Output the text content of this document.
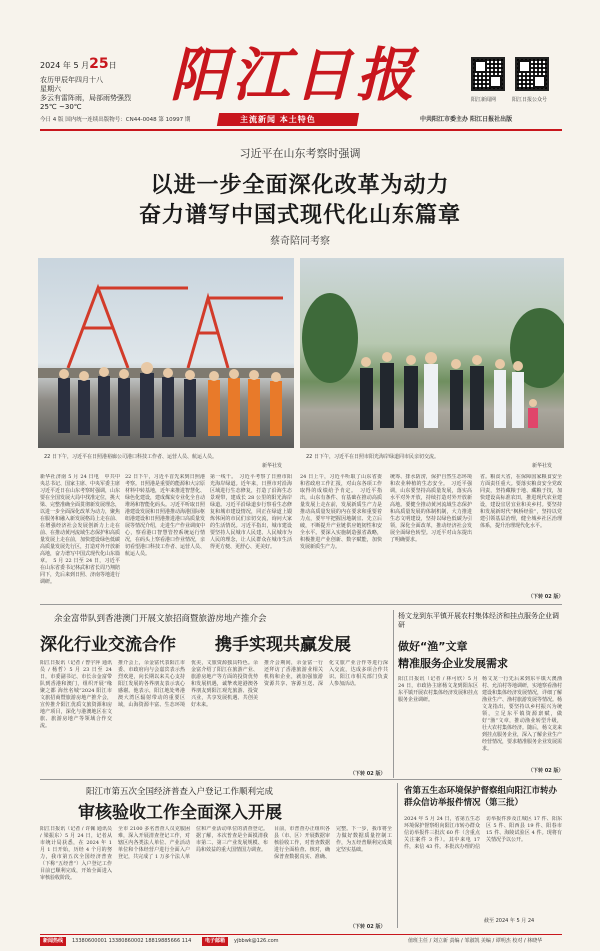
2024 年 5 月25日
农历甲辰年四月十八
星期六
多云有雷阵雨，局部雨势强烈
25℃ ~30℃ 阳江日报	阳江新闻网	阳江日报公众号
今日 4 版 国内统一连续出版物号：CN44-0048 第 10997 期	主流新闻 本土特色	中共阳江市委主办 阳江日报社出版
习近平在山东考察时强调
以进一步全面深化改革为动力
奋力谱写中国式现代化山东篇章
蔡奇陪同考察
22 日下午，习近平在日照港裕廊公司港口科技工作者、运营人员、航运人员。
新华社发
22 日下午，习近平在日照市阳光海岸绿道同市民亲切交流。
新华社发
新华社济南 5 月 24 日电　中共中央总书记、国家主席、中央军委主席习近平近日在山东考察时强调，山东要在全国发展大局中找准定位，挑大梁、完整准确全面贯彻新发展理念，以进一步全面深化改革为动力，聚焦在服务和融入新发展格局上走在前、在增强经济社会发展创新力上走在前、在推动黄河流域生态保护和高质量发展上走在前，加快建设绿色低碳高质量发展先行区，打造对外开放新高地，奋力谱写中国式现代化山东篇章。　5 月 22 日至 24 日，习近平在山东省委书记林武和省长周乃翔陪同下，先后来到日照、济南等地进行调研。
22 日下午，习近平首先来到日照港考察。日照港是重要的能源和大宗原材料中转基地，近年来推进智慧化、绿色化建设，建成煤炭专业化全自动堆场和智能化码头。习近平听取日照港建设发展和日照港推动海港国际枢纽港建设和日照港推进港口高质量发展等情况介绍，走进生产作业调度中心，察看港口智慧管控系统运行情况，在码头上察看港口作业情况，亲切看望港口科技工作者、运营人员、航运人员。
第一线干。　习近平考察了日照市阳光海岸绿道。近年来，日照市对沿海区域进行生态修复，打造了沿海生态景观带，建成长 28 公里的阳光海岸绿道。习近平沿绿道步行察看生态修复和城市建设情况，同正在绿道上锻炼休闲的市民们亲切交流，询问大家的生活情况。习近平指出，城市建设要坚持人民城市人民建、人民城市为人民的理念，让人民群众在城市生活得更方便、更舒心、更美好。
24 日上午，习近平听取了山东省委和省政府工作汇报，对山东各项工作取得的成绩给予肯定。　习近平指出，山东有条件、有基础在推动高质量发展上走在前，发展新质生产力是推动高质量发展的内在要求和重要着力点，要牢牢把握因地制宜、先立后破，不断提升产业链供应链韧性和安全水平。要深入实施制造强省战略，积极推进产业创新、数字赋能，加快发展新质生产力。
统筹、排水防涝，保护自然生态环境和农业种植的生态安全。　习近平强调，山东要坚持高质量发展，落实高水平对外开放，持续打造对外开放新高地。要健全推动黄河流域生态保护和高质量发展的体制机制，大力推进生态文明建设，坚持以绿色低碳为引领，深化全面改革，推动经济社会发展全面绿色转型。习近平对山东提出了明确要求。
省。粮食大省，在保障国家粮食安全方面责任重大。要落实粮食安全党政同责，坚持藏粮于地、藏粮于技，加快建设高标准农田，推进现代农业建设，建设宜居宜业和美乡村。要坚持和发展新时代“枫桥经验”，坚持以党建引领基层治理，健全城乡社区治理体系，提升治理现代化水平。
（下转 02 版）
余金富带队到香港澳门开展文旅招商暨旅游房地产推介会
深化行业交流合作 携手实现共赢发展
阳江日报讯（记者 / 曾宇萍 通讯员 / 杨哲）5 月 23 日至 24 日，市委副书记、市长余金富带队到香港和澳门，组织开展“缘聚之都 海丝名城”2024 阳江市文旅招商暨旅游房地产推介会，宣传推介阳江优质文旅资源和房地产项目，深化与港澳地区在文旅、旅游房地产等领域合作交流。
推介会上，余金富代表阳江市委、市政府向与会嘉宾表示热烈欢迎，向长期以来关心支持阳江发展的各界朋友表示衷心感谢。他表示，阳江地处粤港澳大湾区辐射带动的重要区域，山海资源丰富、生态环境优美，文旅资源独具特色。余金富介绍了阳江在旅游产业、旅游房地产等方面的投资优势和发展机遇，诚挚欢迎港澳各界朋友到阳江观光旅游、投资兴业，共享发展机遇、共创美好未来。
推介会期间，余金富一行还拜访了香港旅游业相关机构和企业，就加强旅游资源共享、客源互送、深化文旅产业合作等进行深入交流，达成多项合作共识。阳江市相关部门负责人参加活动。
（下转 02 版）
杨文龙到东平镇开展农村集体经济和挂点服务企业调研
做好“渔”文章
精准服务企业发展需求
阳江日报讯（记者 / 林可欣）5 月 24 日，市政协主席杨文龙到阳东区东平镇开展农村集体经济发展和挂点服务企业调研。
杨文龙一行先后来到东平镇大澳渔村、允泊村等地调研，实地察看渔村建设和集体经济发展情况，详细了解渔业生产、渔村旅游发展等情况。杨文龙指出，要坚持以乡村振兴为统领，立足东平镇资源禀赋，做好“渔”文章，推动渔业转型升级，壮大农村集体经济。随后，杨文龙来到挂点服务企业，深入了解企业生产经营情况，要求精准服务企业发展需求。
（下转 02 版）
阳江市第五次全国经济普查入户登记工作顺利完成
审核验收工作全面深入开展
阳江日报讯（记者 / 许佩 通讯员 / 梁振东）5 月 24 日，记者从市统计局获悉，在 2024 年 1 月 1 日开始，历经 4 个月的努力，我市第五次全国经济普查（下称“五经普”）入户登记工作目前已顺利完成，开始全面进入审核验收阶段。
全市 2100 多名普查人员克服困难，深入开展清查登记工作，对辖区内各类法人单位、产业活动单位和个体经营户进行全面入户登记，共完成了 1 万多个法人单位和产业活动单位的清查登记。据了解，本次普查是全面摸清我市第二、第三产业发展规模、布局和效益的重大国情国力调查。
目前，市普查办正组织各县（市、区）开展数据审核验收工作，对普查数据进行全面检查、核对，确保普查数据真实、准确、完整。下一步，我市将全力做好数据质量控制工作，为五经普顺利完成奠定坚实基础。
（下转 02 版）
省第五生态环境保护督察组向阳江市转办群众信访举报件情况（第三批）
2024 年 5 月 24 日，省第五生态环境保护督察组向阳江市转办群众信访举报件三批次 60 件（含重点关注案件 3 件）。其中来电 17 件，来信 43 件。本批次办理的信访举报件涉及江城区 17 件、阳东区 5 件、阳西县 19 件、阳春市 15 件、海陵试验区 4 件。现将有关情况予以公开。
截至 2024 年 5 月 24
新闻热线	13380600001 13380860002 18819885666 114	电子邮箱	yjbbwk@126.com	值班主任 / 刘立新 责编 / 邹淑凯 美编 / 谭明杰 校对 / 林晓华
